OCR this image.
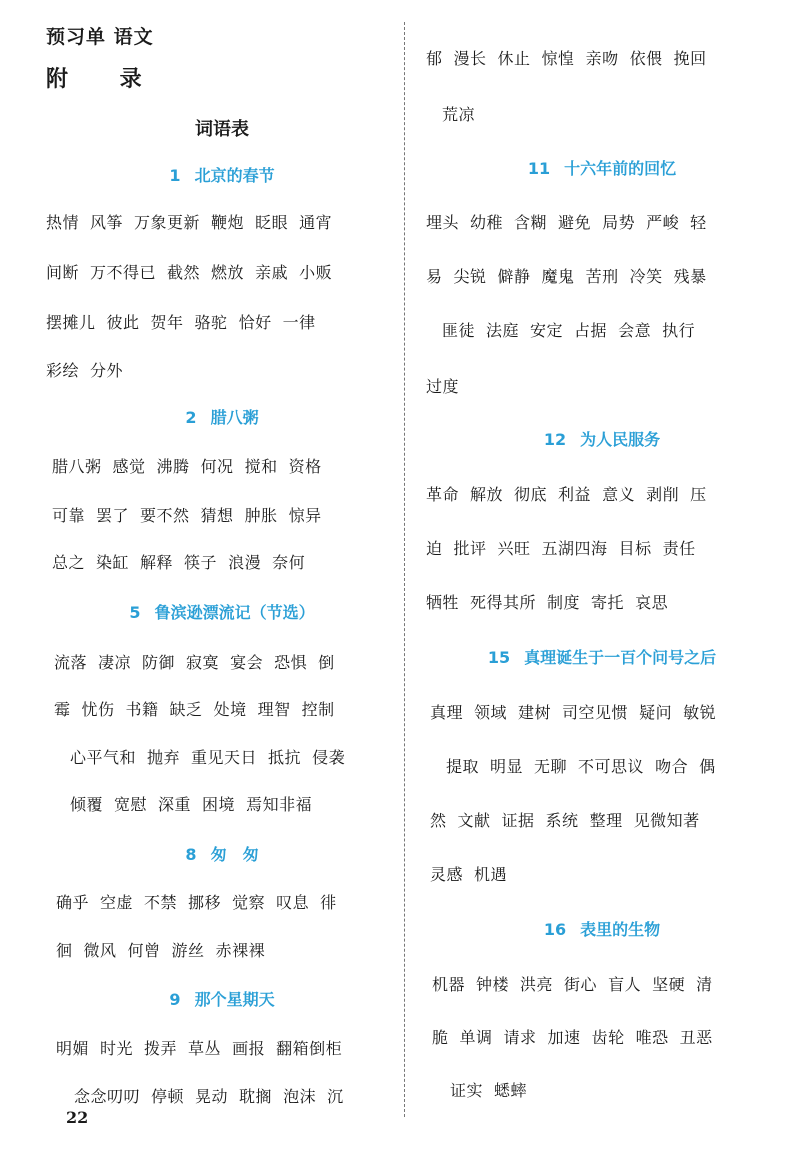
预习单 语文
附 录
词语表
1 北京的春节
热情 风筝 万象更新 鞭炮 眨眼 通宵
间断 万不得已 截然 燃放 亲戚 小贩
摆摊儿 彼此 贺年 骆驼 恰好 一律
彩绘 分外
2 腊八粥
腊八粥 感觉 沸腾 何况 搅和 资格
可靠 罢了 要不然 猜想 肿胀 惊异
总之 染缸 解释 筷子 浪漫 奈何
5 鲁滨逊漂流记（节选）
流落 凄凉 防御 寂寞 宴会 恐惧 倒
霉 忧伤 书籍 缺乏 处境 理智 控制
心平气和 抛弃 重见天日 抵抗 侵袭
倾覆 宽慰 深重 困境 焉知非福
8 匆　匆
确乎 空虚 不禁 挪移 觉察 叹息 徘
徊 微风 何曾 游丝 赤裸裸
9 那个星期天
明媚 时光 拨弄 草丛 画报 翻箱倒柜
念念叨叨 停顿 晃动 耽搁 泡沫 沉
郁 漫长 休止 惊惶 亲吻 依偎 挽回
荒凉
11 十六年前的回忆
埋头 幼稚 含糊 避免 局势 严峻 轻
易 尖锐 僻静 魔鬼 苦刑 冷笑 残暴
匪徒 法庭 安定 占据 会意 执行
过度
12 为人民服务
革命 解放 彻底 利益 意义 剥削 压
迫 批评 兴旺 五湖四海 目标 责任
牺牲 死得其所 制度 寄托 哀思
15 真理诞生于一百个问号之后
真理 领域 建树 司空见惯 疑问 敏锐
提取 明显 无聊 不可思议 吻合 偶
然 文献 证据 系统 整理 见微知著
灵感 机遇
16 表里的生物
机器 钟楼 洪亮 街心 盲人 坚硬 清
脆 单调 请求 加速 齿轮 唯恐 丑恶
证实 蟋蟀
22
